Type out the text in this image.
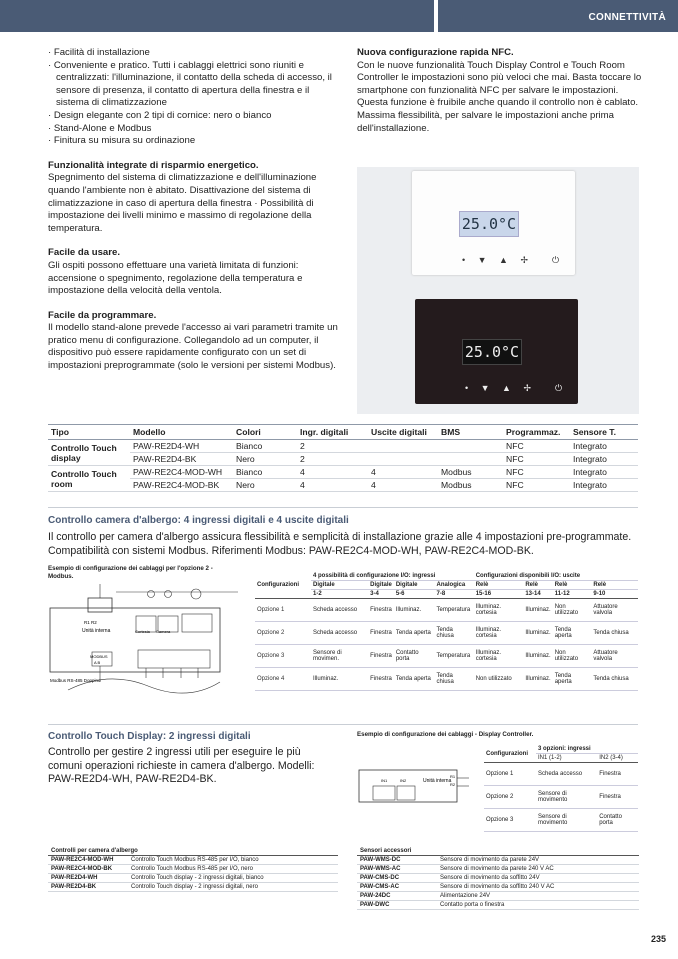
CONNETTIVITÀ

· Facilità di installazione

· Conveniente e pratico. Tutti i cablaggi elettrici sono riuniti e centralizzati: l'illuminazione, il contatto della scheda di accesso, il sensore di presenza, il contatto di apertura della finestra e il sistema di climatizzazione

· Design elegante con 2 tipi di cornice: nero o bianco

· Stand-Alone e Modbus

· Finitura su misura su ordinazione

Funzionalità integrate di risparmio energetico.

Spegnimento del sistema di climatizzazione e dell'illuminazione quando l'ambiente non è abitato. Disattivazione del sistema di climatizzazione in caso di apertura della finestra · Possibilità di impostazione dei livelli minimo e massimo di regolazione della temperatura.

Facile da usare.

Gli ospiti possono effettuare una varietà limitata di funzioni: accensione o spegnimento, regolazione della temperatura e impostazione della velocità della ventola.

Facile da programmare.

Il modello stand-alone prevede l'accesso ai vari parametri tramite un pratico menu di configurazione. Collegandolo ad un computer, il dispositivo può essere rapidamente configurato con un set di impostazioni preprogrammate (solo le versioni per sistemi Modbus).

Nuova configurazione rapida NFC.

Con le nuove funzionalità Touch Display Control e Touch Room Controller le impostazioni sono più veloci che mai. Basta toccare lo smartphone con funzionalità NFC per salvare le impostazioni. Questa funzione è fruibile anche quando il controllo non è cablato. Massima flessibilità, per salvare le impostazioni anche prima dell'installazione.

25.0°C
• ▼ ▲ ✢ ⏻
25.0°C
• ▼ ▲ ✢ ⏻
Tipo	Modello	Colori	Ingr. digitali	Uscite digitali	BMS	Programmaz.	Sensore T.
Controllo Touch display	PAW-RE2D4-WH	Bianco	2			NFC	Integrato
	PAW-RE2D4-BK	Nero	2			NFC	Integrato
Controllo Touch room	PAW-RE2C4-MOD-WH	Bianco	4	4	Modbus	NFC	Integrato
	PAW-RE2C4-MOD-BK	Nero	4	4	Modbus	NFC	Integrato
Controllo camera d'albergo: 4 ingressi digitali e 4 uscite digitali
Il controllo per camera d'albergo assicura flessibilità e semplicità di installazione grazie alle 4 impostazioni pre-programmate. Compatibilità con sistemi Modbus. Riferimenti Modbus: PAW-RE2C4-MOD-WH, PAW-RE2C4-MOD-BK.
Esempio di configurazione dei cablaggi per l'opzione 2 - Modbus.
R1 R2
Unità interna	Cortesia Camera
MODBUS
A B
Modbus RS-485 Doppino
Configurazioni	4 possibilità di configurazione I/O: ingressi				Configurazioni disponibili I/O: uscite			
	Digitale	Digitale	Digitale	Analogica	Relè	Relè	Relè	Relè
	1-2	3-4	5-6	7-8	15-16	13-14	11-12	9-10
Opzione 1	Scheda accesso	Finestra	Illuminaz.	Temperatura	Illuminaz. cortesia	Illuminaz.	Non utilizzato	Attuatore valvola
Opzione 2	Scheda accesso	Finestra	Tenda aperta	Tenda chiusa	Illuminaz. cortesia	Illuminaz.	Tenda aperta	Tenda chiusa
Opzione 3	Sensore di movimen.	Finestra	Contatto porta	Temperatura	Illuminaz. cortesia	Illuminaz.	Non utilizzato	Attuatore valvola
Opzione 4	Illuminaz.	Finestra	Tenda aperta	Tenda chiusa	Non utilizzato	Illuminaz.	Tenda aperta	Tenda chiusa
Controllo Touch Display: 2 ingressi digitali
Controllo per gestire 2 ingressi utili per eseguire le più comuni operazioni richieste in camera d'albergo. Modelli: PAW-RE2D4-WH, PAW-RE2D4-BK.
Esempio di configurazione dei cablaggi - Display Controller.
IN1	IN2	Unità interna
R1
R2
Configurazioni	3 opzioni: ingressi	
	IN1 (1-2)	IN2 (3-4)
Opzione 1	Scheda accesso	Finestra
Opzione 2	Sensore di movimento	Finestra
Opzione 3	Sensore di movimento	Contatto porta
Controlli per camera d'albergo	
PAW-RE2C4-MOD-WH	Controllo Touch Modbus RS-485 per I/O, bianco
PAW-RE2C4-MOD-BK	Controllo Touch Modbus RS-485 per I/O, nero
PAW-RE2D4-WH	Controllo Touch display - 2 ingressi digitali, bianco
PAW-RE2D4-BK	Controllo Touch display - 2 ingressi digitali, nero
Sensori accessori	
PAW-WMS-DC	Sensore di movimento da parete 24V
PAW-WMS-AC	Sensore di movimento da parete 240 V AC
PAW-CMS-DC	Sensore di movimento da soffitto 24V
PAW-CMS-AC	Sensore di movimento da soffitto 240 V AC
PAW-24DC	Alimentazione 24V
PAW-DWC	Contatto porta o finestra
235
